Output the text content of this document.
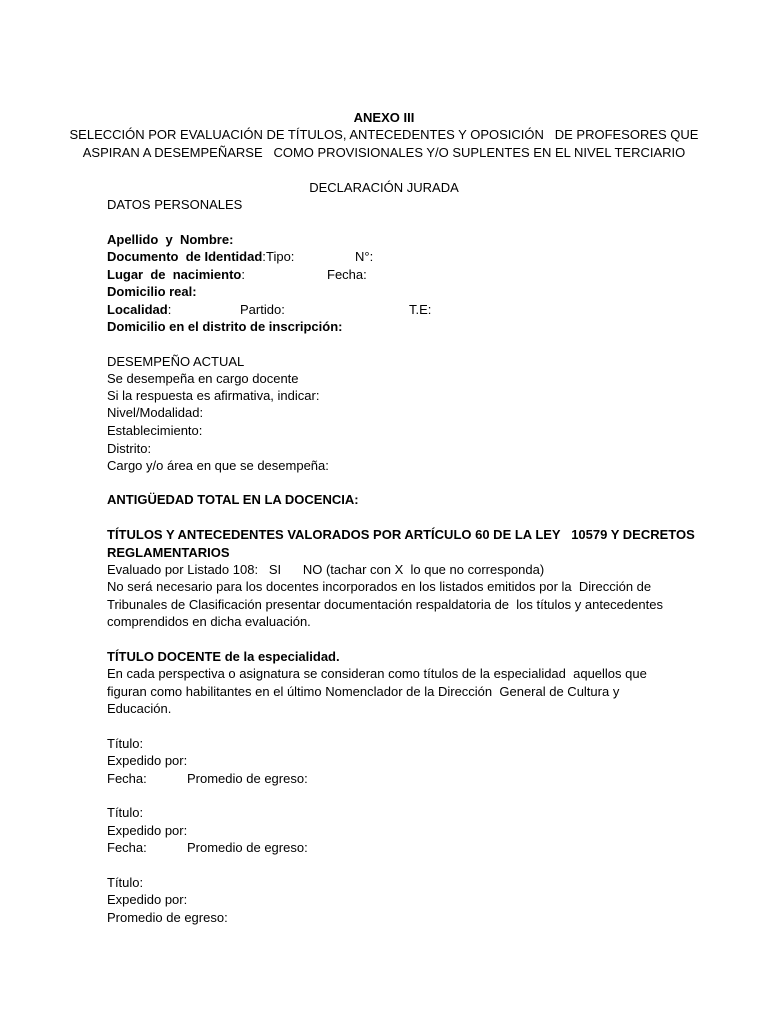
ANEXO III
SELECCIÓN POR EVALUACIÓN DE TÍTULOS, ANTECEDENTES Y OPOSICIÓN   DE PROFESORES QUE
ASPIRAN A DESEMPEÑARSE   COMO PROVISIONALES Y/O SUPLENTES EN EL NIVEL TERCIARIO
DECLARACIÓN JURADA
DATOS PERSONALES
Apellido  y  Nombre:
Documento  de Identidad: Tipo:	N°:
Lugar  de  nacimiento:	Fecha:
Domicilio real:
Localidad:	Partido:	T.E:
Domicilio en el distrito de inscripción:
DESEMPEÑO ACTUAL
Se desempeña en cargo docente
Si la respuesta es afirmativa, indicar:
Nivel/Modalidad:
Establecimiento:
Distrito:
Cargo y/o área en que se desempeña:
ANTIGÜEDAD TOTAL EN LA DOCENCIA:
TÍTULOS Y ANTECEDENTES VALORADOS POR ARTÍCULO 60 DE LA LEY   10579 Y DECRETOS
REGLAMENTARIOS
Evaluado por Listado 108:   SI      NO (tachar con X  lo que no corresponda)
No será necesario para los docentes incorporados en los listados emitidos por la  Dirección de
Tribunales de Clasificación presentar documentación respaldatoria de  los títulos y antecedentes
comprendidos en dicha evaluación.
TÍTULO DOCENTE de la especialidad.
En cada perspectiva o asignatura se consideran como títulos de la especialidad  aquellos que
figuran como habilitantes en el último Nomenclador de la Dirección  General de Cultura y
Educación.
Título:
Expedido por:
Fecha:	Promedio de egreso:
Título:
Expedido por:
Fecha:	Promedio de egreso:
Título:
Expedido por:
Promedio de egreso:
